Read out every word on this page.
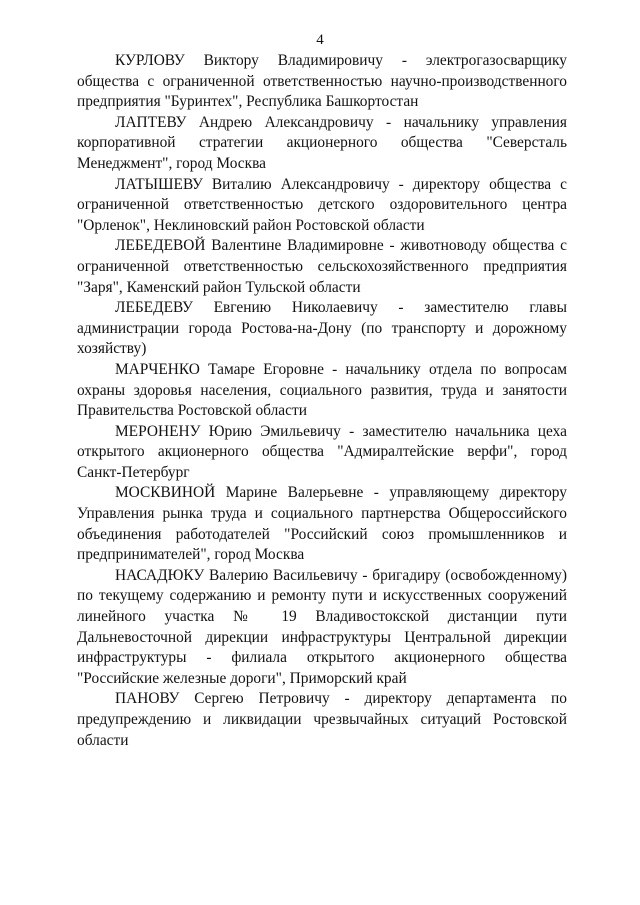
4

КУРЛОВУ Виктору Владимировичу - электрогазосварщику общества с ограниченной ответственностью научно-производственного предприятия "Буринтех", Республика Башкортостан

ЛАПТЕВУ Андрею Александровичу - начальнику управления корпоративной стратегии акционерного общества "Северсталь Менеджмент", город Москва

ЛАТЫШЕВУ Виталию Александровичу - директору общества с ограниченной ответственностью детского оздоровительного центра "Орленок", Неклиновский район Ростовской области

ЛЕБЕДЕВОЙ Валентине Владимировне - животноводу общества с ограниченной ответственностью сельскохозяйственного предприятия "Заря", Каменский район Тульской области

ЛЕБЕДЕВУ Евгению Николаевичу - заместителю главы администрации города Ростова-на-Дону (по транспорту и дорожному хозяйству)

МАРЧЕНКО Тамаре Егоровне - начальнику отдела по вопросам охраны здоровья населения, социального развития, труда и занятости Правительства Ростовской области

МЕРОНЕНУ Юрию Эмильевичу - заместителю начальника цеха открытого акционерного общества "Адмиралтейские верфи", город Санкт-Петербург

МОСКВИНОЙ Марине Валерьевне - управляющему директору Управления рынка труда и социального партнерства Общероссийского объединения работодателей "Российский союз промышленников и предпринимателей", город Москва

НАСАДЮКУ Валерию Васильевичу - бригадиру (освобожденному) по текущему содержанию и ремонту пути и искусственных сооружений линейного участка № 19 Владивостокской дистанции пути Дальневосточной дирекции инфраструктуры Центральной дирекции инфраструктуры - филиала открытого акционерного общества "Российские железные дороги", Приморский край

ПАНОВУ Сергею Петровичу - директору департамента по предупреждению и ликвидации чрезвычайных ситуаций Ростовской области
